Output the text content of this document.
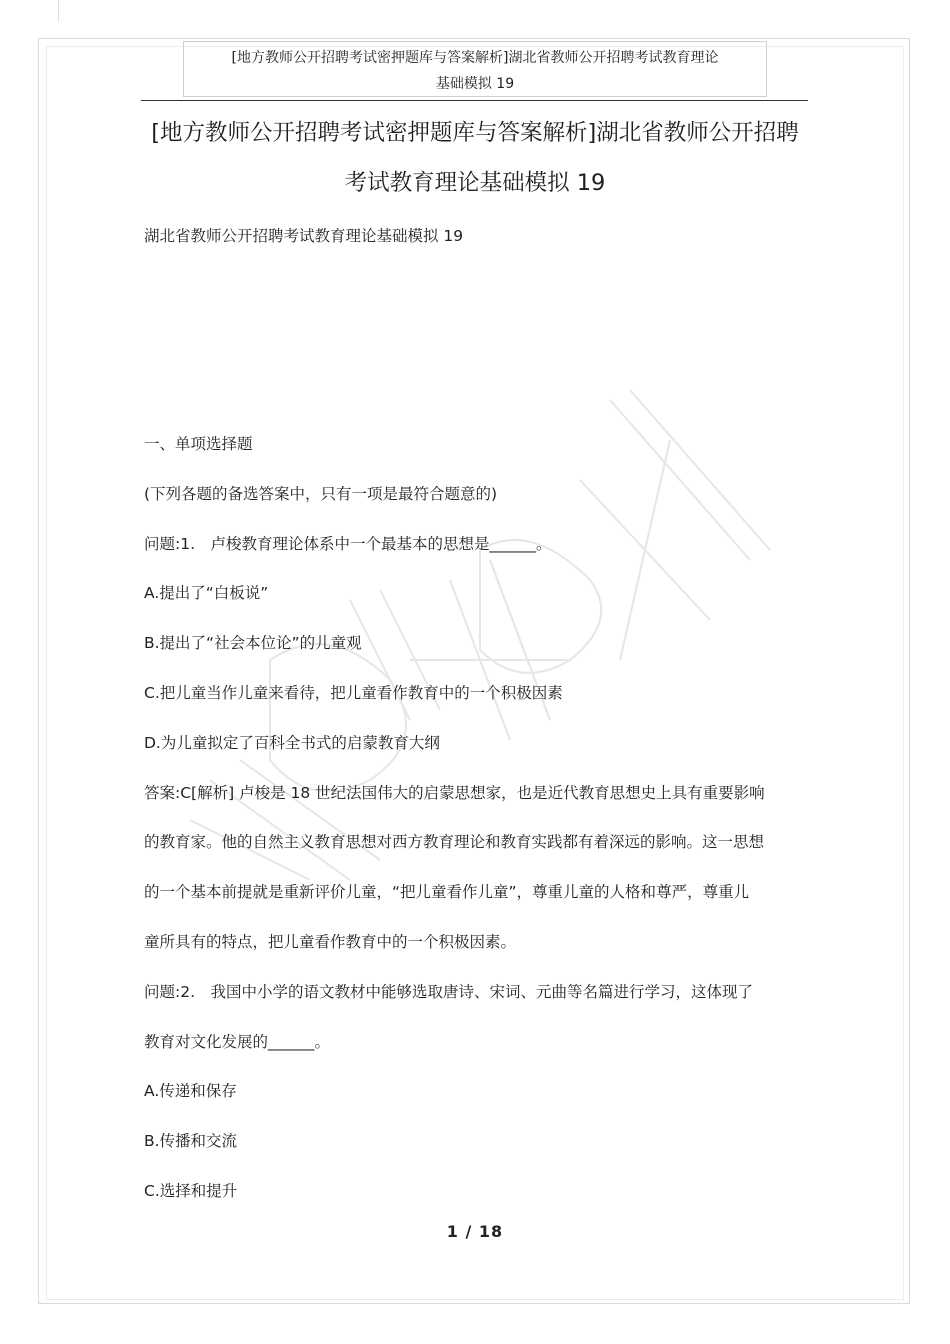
[地方教师公开招聘考试密押题库与答案解析]湖北省教师公开招聘考试教育理论
基础模拟 19
[地方教师公开招聘考试密押题库与答案解析]湖北省教师公开招聘
考试教育理论基础模拟 19
湖北省教师公开招聘考试教育理论基础模拟 19

一、单项选择题

(下列各题的备选答案中，只有一项是最符合题意的)

问题:1.　卢梭教育理论体系中一个最基本的思想是______。

A.提出了“白板说”

B.提出了“社会本位论”的儿童观

C.把儿童当作儿童来看待，把儿童看作教育中的一个积极因素

D.为儿童拟定了百科全书式的启蒙教育大纲

答案:C[解析] 卢梭是 18 世纪法国伟大的启蒙思想家，也是近代教育思想史上具有重要影响

的教育家。他的自然主义教育思想对西方教育理论和教育实践都有着深远的影响。这一思想

的一个基本前提就是重新评价儿童，“把儿童看作儿童”，尊重儿童的人格和尊严，尊重儿

童所具有的特点，把儿童看作教育中的一个积极因素。

问题:2.　我国中小学的语文教材中能够选取唐诗、宋词、元曲等名篇进行学习，这体现了

教育对文化发展的______。

A.传递和保存

B.传播和交流

C.选择和提升

1 / 18
